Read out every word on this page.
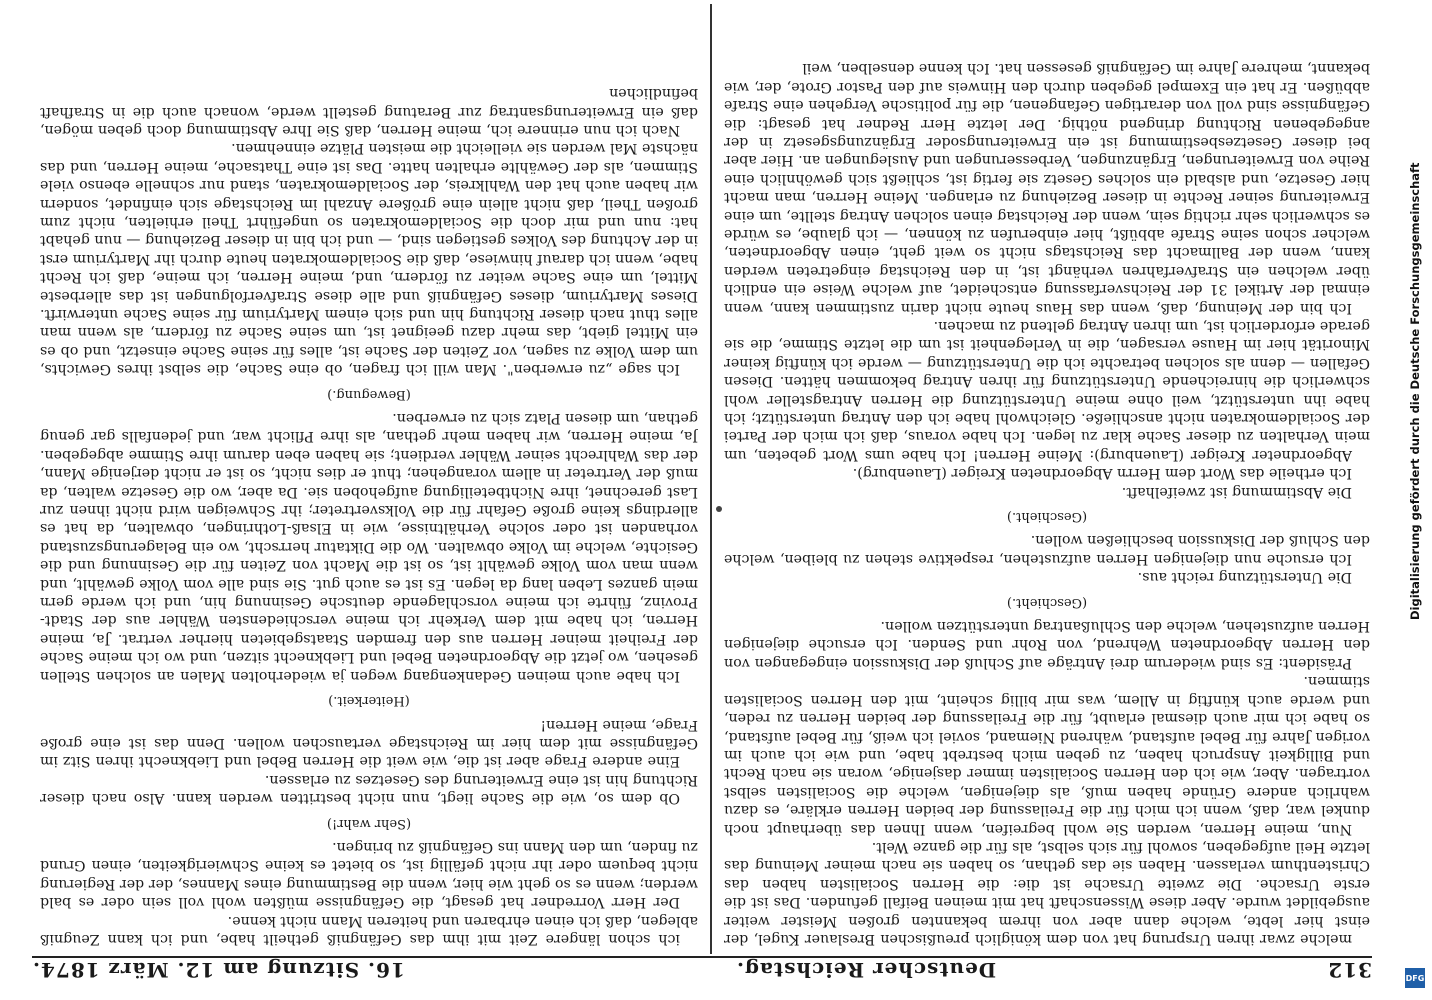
312
Deutscher Reichstag.
16. Sitzung am 12. März 1874.

melche zwar ihren Ursprung hat von dem königlich preußischen Breslauer Kugel, der einst hier lebte, welche dann aber von ihrem bekannten großen Meister weiter ausgebildet wurde. Aber diese Wissenschaft hat mit meinen Beifall gefunden. Das ist die erste Ursache. Die zweite Ursache ist die: die Herren Socialisten haben das Christenthum verlassen. Haben sie das gethan, so haben sie nach meiner Meinung das letzte Heil aufgegeben, sowohl für sich selbst, als für die ganze Welt.

Nun, meine Herren, werden Sie wohl begreifen, wenn Ihnen das überhaupt noch dunkel war, daß, wenn ich mich für die Freilassung der beiden Herren erkläre, es dazu wahrlich andere Gründe haben muß, als diejenigen, welche die Socialisten selbst vortragen. Aber, wie ich den Herren Socialisten immer dasjenige, woran sie nach Recht und Billigkeit Anspruch haben, zu geben mich bestrebt habe, und wie ich auch im vorigen Jahre für Bebel aufstand, während Niemand, soviel ich weiß, für Bebel aufstand, so habe ich mir auch diesmal erlaubt, für die Freilassung der beiden Herren zu reden, und werde auch künftig in Allem, was mir billig scheint, mit den Herren Socialisten stimmen.

Präsident: Es sind wiederum drei Anträge auf Schluß der Diskussion eingegangen von den Herren Abgeordneten Wehrend, von Rohr und Senden. Ich ersuche diejenigen Herren aufzustehen, welche den Schlußantrag unterstützen wollen.

(Geschieht.)

Die Unterstützung reicht aus.

Ich ersuche nun diejenigen Herren aufzustehen, respektive stehen zu bleiben, welche den Schluß der Diskussion beschließen wollen.

(Geschieht.)

Die Abstimmung ist zweifelhaft.

Ich ertheile das Wort dem Herrn Abgeordneten Kreiger (Lauenburg).

Abgeordneter Kreiger (Lauenburg): Meine Herren! Ich habe ums Wort gebeten, um mein Verhalten zu dieser Sache klar zu legen. Ich habe voraus, daß ich mich der Partei der Socialdemokraten nicht anschließe. Gleichwohl habe ich den Antrag unterstützt; ich habe ihn unterstützt, weil ohne meine Unterstützung die Herren Antragsteller wohl schwerlich die hinreichende Unterstützung für ihren Antrag bekommen hätten. Diesen Gefallen — denn als solchen betrachte ich die Unterstützung — werde ich künftig keiner Minorität hier im Hause versagen, die in Verlegenheit ist um die letzte Stimme, die sie gerade erforderlich ist, um ihren Antrag geltend zu machen.

Ich bin der Meinung, daß, wenn das Haus heute nicht darin zustimmen kann, wenn einmal der Artikel 31 der Reichsverfassung entscheidet, auf welche Weise ein endlich über welchen ein Strafverfahren verhängt ist, in den Reichstag eingetreten werden kann, wenn der Ballmacht das Reichstags nicht so weit geht, einen Abgeordneten, welcher schon seine Strafe abbüßt, hier einberufen zu können, — ich glaube, es würde es schwerlich sehr richtig sein, wenn der Reichstag einen solchen Antrag stellte, um eine Erweiterung seiner Rechte in dieser Beziehung zu erlangen. Meine Herren, man macht hier Gesetze, und alsbald ein solches Gesetz sie fertig ist, schließt sich gewöhnlich eine Reihe von Erweiterungen, Ergänzungen, Verbesserungen und Auslegungen an. Hier aber bei dieser Gesetzesbestimmung ist ein Erweiterungsoder Ergänzungsgesetz in der angegebenen Richtung dringend nöthig. Der letzte Herr Redner hat gesagt: die Gefängnisse sind voll von derartigen Gefangenen, die für politische Vergehen eine Strafe abbüßen. Er hat ein Exempel gegeben durch den Hinweis auf den Pastor Grote, der, wie bekannt, mehrere Jahre im Gefängniß gesessen hat. Ich kenne denselben, weil

ich schon längere Zeit mit ihm das Gefängniß getheilt habe, und ich kann Zeugniß ablegen, daß ich einen ehrbaren und heiteren Mann nicht kenne.

Der Herr Vorredner hat gesagt, die Gefängnisse müßten wohl voll sein oder es bald werden; wenn es so geht wie hier, wenn die Bestimmung eines Mannes, der der Regierung nicht bequem oder ihr nicht gefällig ist, so bietet es keine Schwierigkeiten, einen Grund zu finden, um den Mann ins Gefängniß zu bringen.

(Sehr wahr!)

Ob dem so, wie die Sache liegt, nun nicht bestritten werden kann. Also nach dieser Richtung hin ist eine Erweiterung des Gesetzes zu erlassen.

Eine andere Frage aber ist die, wie weit die Herren Bebel und Liebknecht ihren Sitz im Gefängnisse mit dem hier im Reichstage vertauschen wollen. Denn das ist eine große Frage, meine Herren!

(Heiterkeit.)

Ich habe auch meinen Gedankengang wegen ja wiederholten Malen an solchen Stellen gesehen, wo jetzt die Abgeordneten Bebel und Liebknecht sitzen, und wo ich meine Sache der Freiheit meiner Herren aus den fremden Staatsgebieten hierher vertrat. Ja, meine Herren, ich habe mit dem Verkehr ich meine verschiedensten Wähler aus der Stadt-Provinz, führte ich meine vorschlagende deutsche Gesinnung hin, und ich werde gern mein ganzes Leben lang da legen. Es ist es auch gut. Sie sind alle vom Volke gewählt, und wenn man vom Volke gewählt ist, so ist die Macht von Zeiten für die Gesinnung und die Gesichte, welche im Volke obwalten. Wo die Diktatur herrscht, wo ein Belagerungszustand vorhanden ist oder solche Verhältnisse, wie in Elsaß-Lothringen, obwalten, da hat es allerdings keine große Gefahr für die Volksvertreter; ihr Schweigen wird nicht ihnen zur Last gerechnet, ihre Nichtbeteiligung aufgehoben sie. Da aber, wo die Gesetze walten, da muß der Vertreter in allem vorangehen; thut er dies nicht, so ist er nicht derjenige Mann, der das Wahlrecht seiner Wähler verdient; sie haben eben darum ihre Stimme abgegeben. Ja, meine Herren, wir haben mehr gethan, als ihre Pflicht war, und jedenfalls gar genug gethan, um diesen Platz sich zu erwerben.

(Bewegung.)

Ich sage „zu erwerben". Man will ich fragen, ob eine Sache, die selbst ihres Gewichts, um dem Volke zu sagen, vor Zeiten der Sache ist, alles für seine Sache einsetzt, und ob es ein Mittel giebt, das mehr dazu geeignet ist, um seine Sache zu fördern, als wenn man alles thut nach dieser Richtung hin und sich einem Martyrium für seine Sache unterwirft. Dieses Martyrium, dieses Gefängniß und alle diese Strafverfolgungen ist das allerbeste Mittel, um eine Sache weiter zu fördern, und, meine Herren, ich meine, daß ich Recht habe, wenn ich darauf hinwiese, daß die Socialdemokraten heute durch ihr Martyrium erst in der Achtung des Volkes gestiegen sind, — und ich bin in dieser Beziehung — nun gehabt hat: nun und mir doch die Socialdemokraten so ungeführt Theil erhielten, nicht zum großen Theil, daß nicht allein eine größere Anzahl im Reichstage sich einfindet, sondern wir haben auch hat den Wahlkreis, der Socialdemokraten, stand nur schnelle ebenso viele Stimmen, als der Gewählte erhalten hatte. Das ist eine Thatsache, meine Herren, und das nächste Mal werden sie vielleicht die meisten Plätze einnehmen.

Nach ich nun erinnere ich, meine Herren, daß Sie Ihre Abstimmung doch geben mögen, daß ein Erweiterungsantrag zur Beratung gestellt werde, wonach auch die in Strafhaft befindlichen

DFG
Digitalisierung gefördert durch die Deutsche Forschungsgemeinschaft
